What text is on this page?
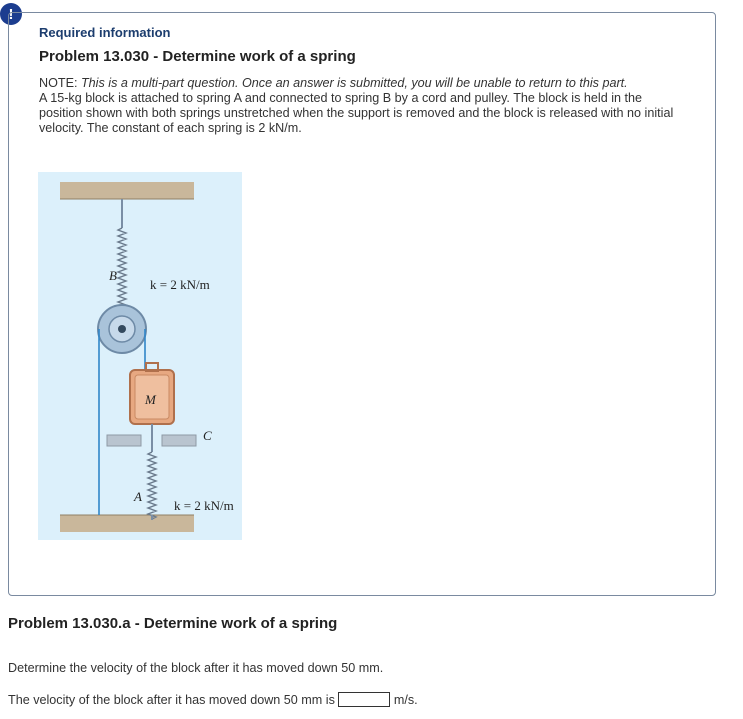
!
Required information
Problem 13.030 - Determine work of a spring
NOTE: This is a multi-part question. Once an answer is submitted, you will be unable to return to this part.
A 15-kg block is attached to spring A and connected to spring B by a cord and pulley. The block is held in the position shown with both springs unstretched when the support is removed and the block is released with no initial velocity. The constant of each spring is 2 kN/m.
M
C
B
k = 2 kN/m
A
k = 2 kN/m
Problem 13.030.a - Determine work of a spring
Determine the velocity of the block after it has moved down 50 mm.
The velocity of the block after it has moved down 50 mm is	m/s.
